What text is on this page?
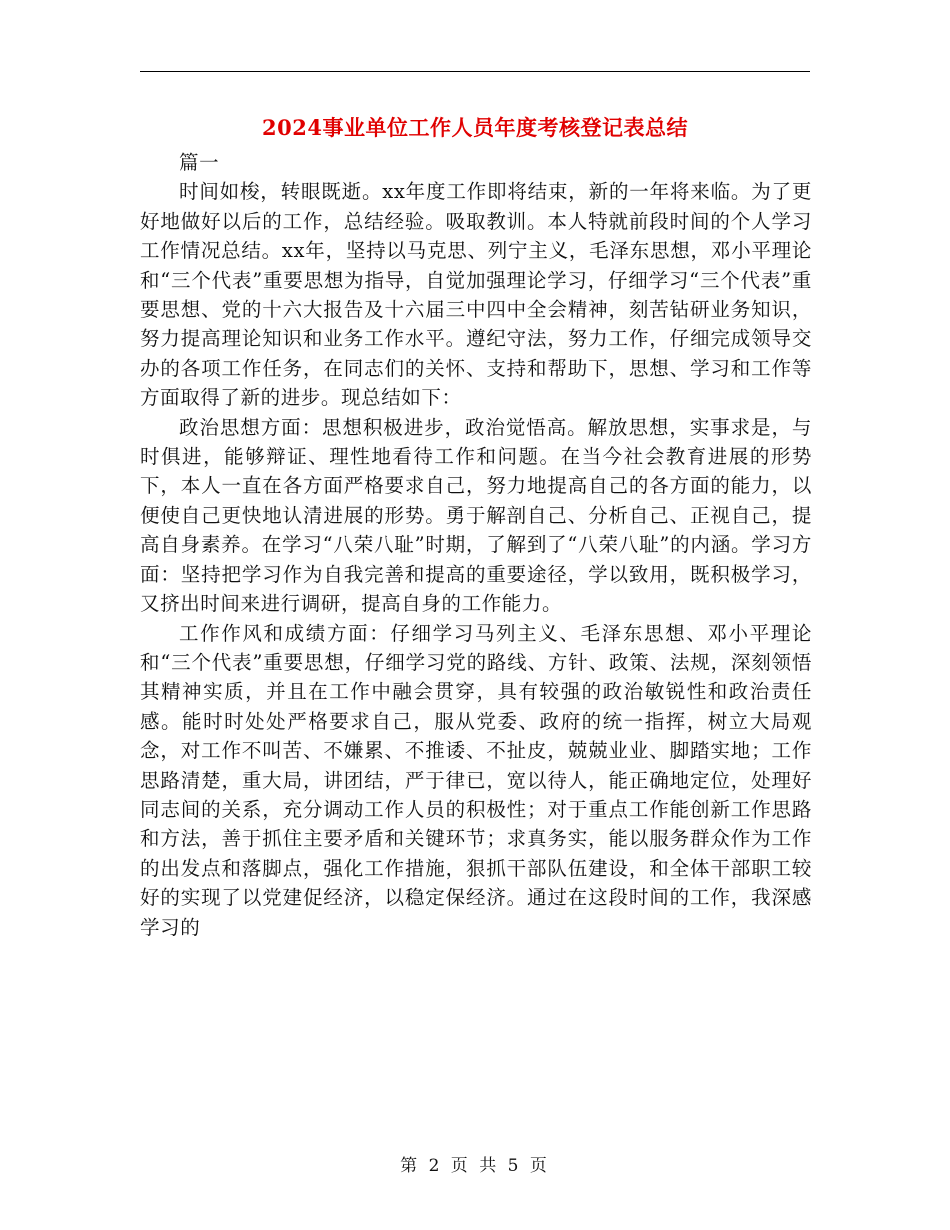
2024事业单位工作人员年度考核登记表总结

篇一

时间如梭，转眼既逝。xx年度工作即将结束，新的一年将来临。为了更好地做好以后的工作，总结经验。吸取教训。本人特就前段时间的个人学习工作情况总结。xx年，坚持以马克思、列宁主义，毛泽东思想，邓小平理论和“三个代表”重要思想为指导，自觉加强理论学习，仔细学习“三个代表”重要思想、党的十六大报告及十六届三中四中全会精神，刻苦钻研业务知识，努力提高理论知识和业务工作水平。遵纪守法，努力工作，仔细完成领导交办的各项工作任务，在同志们的关怀、支持和帮助下，思想、学习和工作等方面取得了新的进步。现总结如下：

政治思想方面：思想积极进步，政治觉悟高。解放思想，实事求是，与时俱进，能够辩证、理性地看待工作和问题。在当今社会教育进展的形势下，本人一直在各方面严格要求自己，努力地提高自己的各方面的能力，以便使自己更快地认清进展的形势。勇于解剖自己、分析自己、正视自己，提高自身素养。在学习“八荣八耻”时期，了解到了“八荣八耻”的内涵。学习方面：坚持把学习作为自我完善和提高的重要途径，学以致用，既积极学习，又挤出时间来进行调研，提高自身的工作能力。

工作作风和成绩方面：仔细学习马列主义、毛泽东思想、邓小平理论和“三个代表”重要思想，仔细学习党的路线、方针、政策、法规，深刻领悟其精神实质，并且在工作中融会贯穿，具有较强的政治敏锐性和政治责任感。能时时处处严格要求自己，服从党委、政府的统一指挥，树立大局观念，对工作不叫苦、不嫌累、不推诿、不扯皮，兢兢业业、脚踏实地；工作思路清楚，重大局，讲团结，严于律已，宽以待人，能正确地定位，处理好同志间的关系，充分调动工作人员的积极性；对于重点工作能创新工作思路和方法，善于抓住主要矛盾和关键环节；求真务实，能以服务群众作为工作的出发点和落脚点，强化工作措施，狠抓干部队伍建设，和全体干部职工较好的实现了以党建促经济，以稳定保经济。通过在这段时间的工作，我深感学习的

第 2 页 共 5 页
